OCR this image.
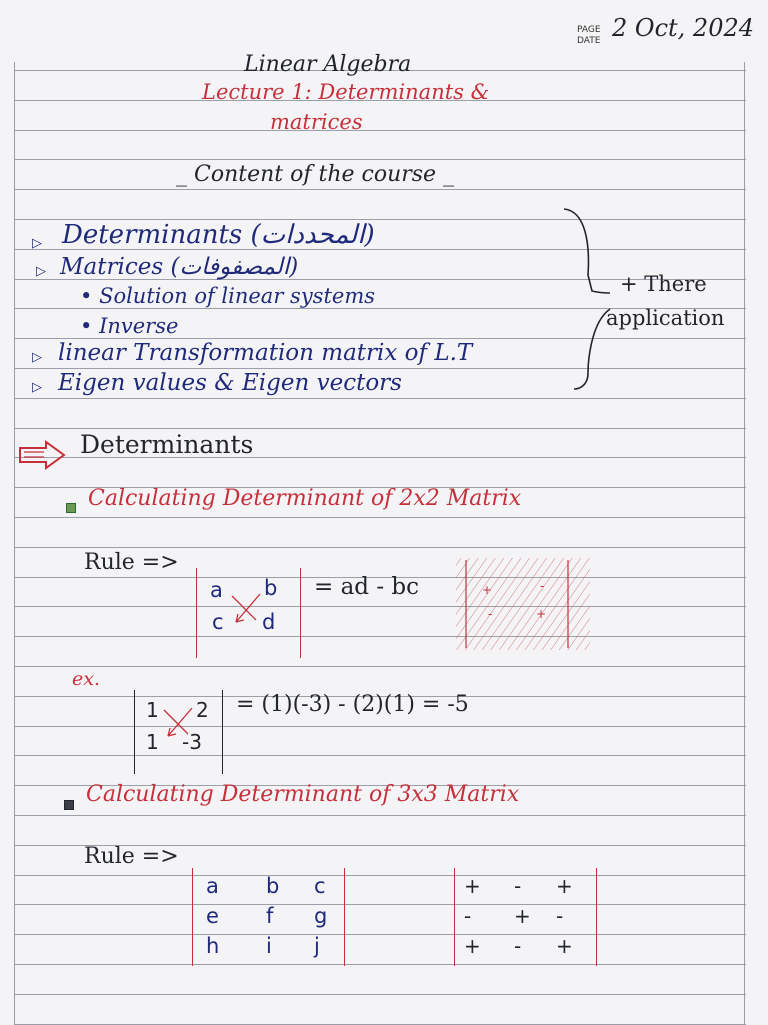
PAGE
DATE 2 Oct, 2024
Linear Algebra
Lecture 1: Determinants &
matrices
_ Content of the course _
▷ Determinants (المحددات)
▷ Matrices (المصفوفات)
• Solution of linear systems
• Inverse
▷ linear Transformation matrix of L.T
▷ Eigen values & Eigen vectors
+ There
application
Determinants
Calculating Determinant of 2x2 Matrix
Rule =>
a b
c d
= ad - bc	+	-
-	+
ex.
1 2
1 -3
= (1)(-3) - (2)(1) = -5
Calculating Determinant of 3x3 Matrix
Rule =>
a b c
e f g
h i j
+ - +
- + -
+ - +
